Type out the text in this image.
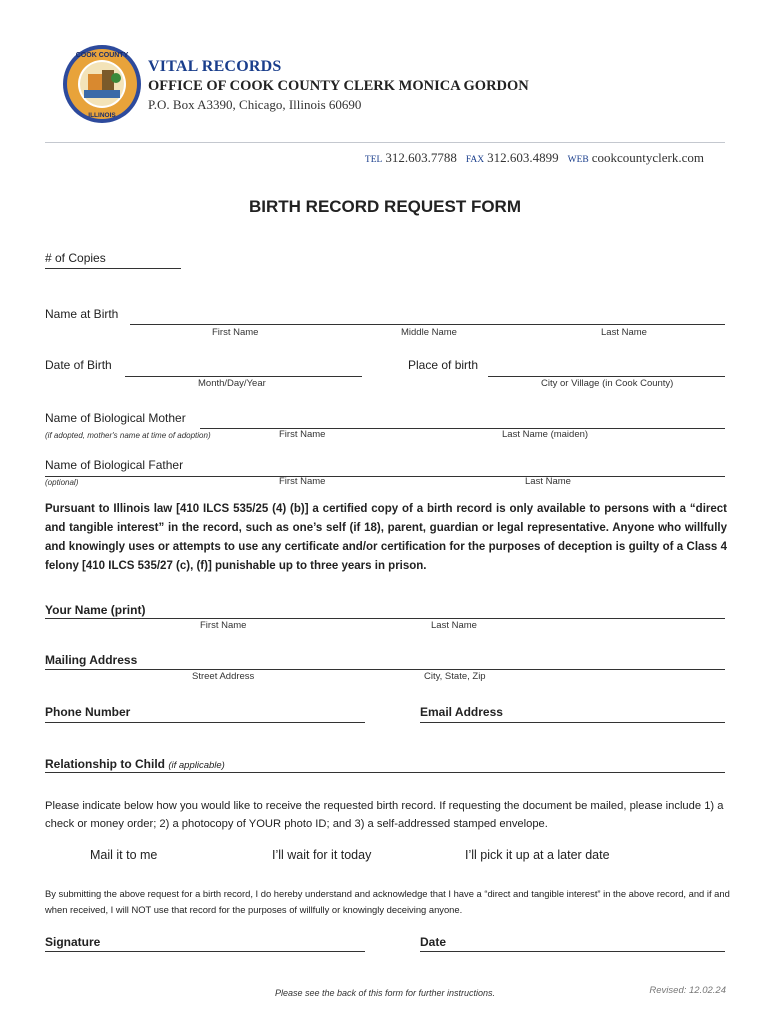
COOK COUNTY
ILLINOIS
VITAL RECORDS
OFFICE OF COOK COUNTY CLERK MONICA GORDON
P.O. Box A3390, Chicago, Illinois 60690
TEL 312.603.7788 FAX 312.603.4899 WEB cookcountyclerk.com
BIRTH RECORD REQUEST FORM
# of Copies
Name at Birth
First Name	Middle Name	Last Name
Date of Birth
Month/Day/Year
Place of birth
City or Village (in Cook County)
Name of Biological Mother
(if adopted, mother's name at time of adoption)	First Name	Last Name (maiden)
Name of Biological Father
(optional)	First Name	Last Name
Pursuant to Illinois law [410 ILCS 535/25 (4) (b)] a certified copy of a birth record is only available to persons with a “direct and tangible interest” in the record, such as one’s self (if 18), parent, guardian or legal representative. Anyone who willfully and knowingly uses or attempts to use any certificate and/or certification for the purposes of deception is guilty of a Class 4 felony [410 ILCS 535/27 (c), (f)] punishable up to three years in prison.
Your Name (print)
First Name	Last Name
Mailing Address
Street Address	City, State, Zip
Phone Number	Email Address
Relationship to Child (if applicable)
Please indicate below how you would like to receive the requested birth record. If requesting the document be mailed, please include 1) a check or money order; 2) a photocopy of YOUR photo ID; and 3) a self-addressed stamped envelope.
Mail it to me	I’ll wait for it today	I’ll pick it up at a later date
By submitting the above request for a birth record, I do hereby understand and acknowledge that I have a “direct and tangible interest” in the above record, and if and when received, I will NOT use that record for the purposes of willfully or knowingly deceiving anyone.
Signature	Date
Please see the back of this form for further instructions.	Revised: 12.02.24
